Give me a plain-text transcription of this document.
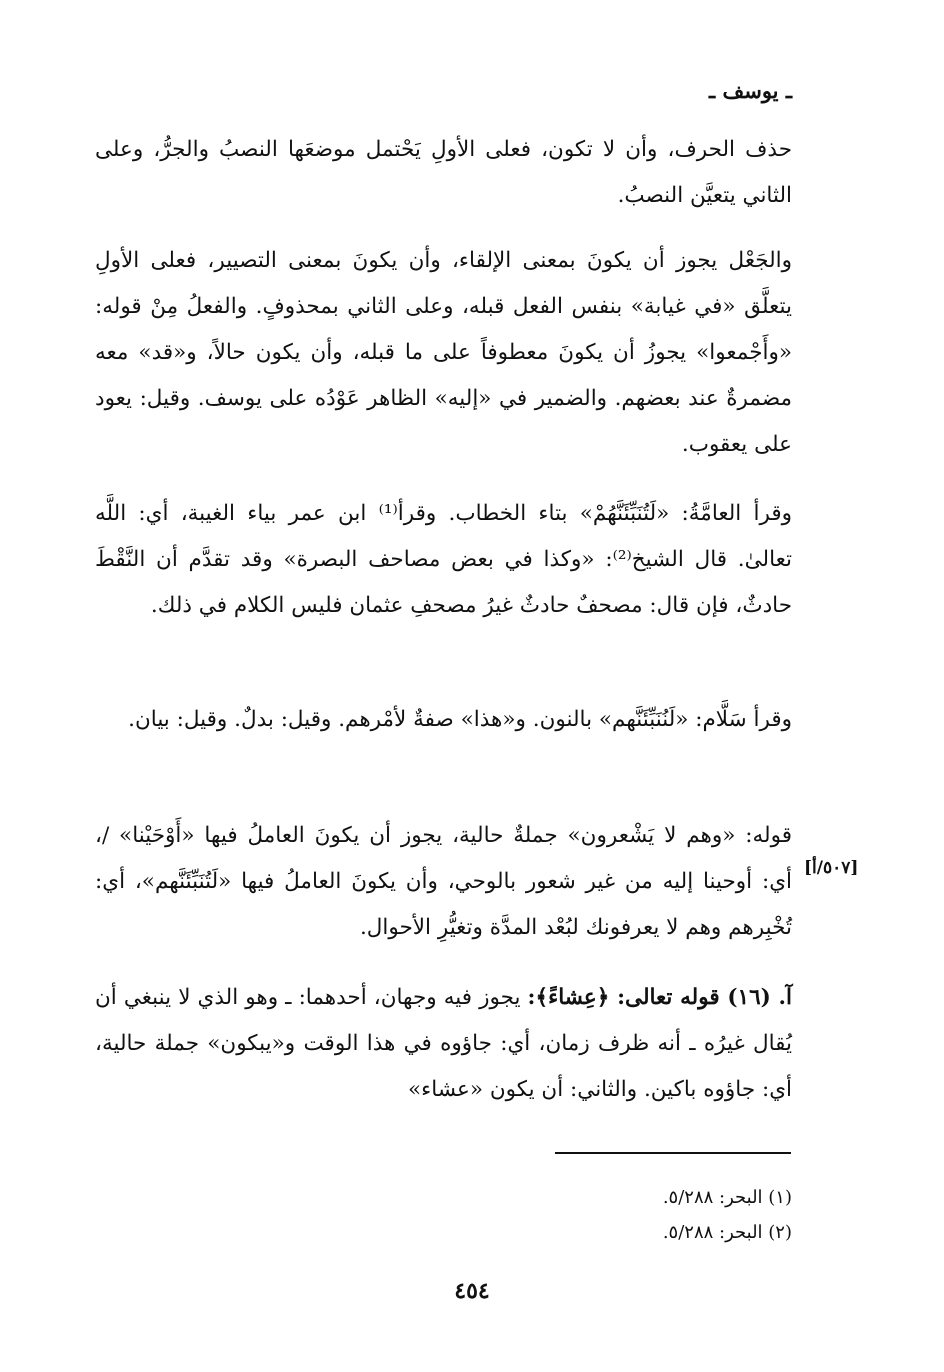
ـ يوسف ـ

حذف الحرف، وأن لا تكون، فعلى الأولِ يَحْتمل موضعَها النصبُ والجرُّ، وعلى الثاني يتعيَّن النصبُ.

والجَعْل يجوز أن يكونَ بمعنى الإلقاء، وأن يكونَ بمعنى التصيير، فعلى الأولِ يتعلَّق «في غيابة» بنفس الفعل قبله، وعلى الثاني بمحذوفٍ. والفعلُ مِنْ قوله: «وأَجْمعوا» يجوزُ أن يكونَ معطوفاً على ما قبله، وأن يكون حالاً، و«قد» معه مضمرةٌ عند بعضهم. والضمير في «إليه» الظاهر عَوْدُه على يوسف. وقيل: يعود على يعقوب.

وقرأ العامَّةُ: «لَتُنَبِّئَنَّهُمْ» بتاء الخطاب. وقرأ⁽¹⁾ ابن عمر بياء الغيبة، أي: اللَّه تعالىٰ. قال الشيخ⁽²⁾: «وكذا في بعض مصاحف البصرة» وقد تقدَّم أن النَّقْطَ حادثٌ، فإن قال: مصحفٌ حادثٌ غيرُ مصحفِ عثمان فليس الكلام في ذلك.

وقرأ سَلَّام: «لَنُنَبِّئَنَّهم» بالنون. و«هذا» صفةٌ لأمْرهم. وقيل: بدلٌ. وقيل: بيان.

قوله: «وهم لا يَشْعرون» جملةٌ حالية، يجوز أن يكونَ العاملُ فيها «أَوْحَيْنا» /، أي: أوحينا إليه من غير شعور بالوحي، وأن يكونَ العاملُ فيها «لَتُنَبِّئَنَّهم»، أي: تُخْبِرهم وهم لا يعرفونك لبُعْد المدَّة وتغيُّرِ الأحوال.

[٥٠٧/أ]

آ. (١٦) قوله تعالى: ﴿عِشاءً﴾: يجوز فيه وجهان، أحدهما: ـ وهو الذي لا ينبغي أن يُقال غيرُه ـ أنه ظرف زمان، أي: جاؤوه في هذا الوقت و«يبكون» جملة حالية، أي: جاؤوه باكين. والثاني: أن يكون «عشاء»

(١) البحر: ٥/٢٨٨.
(٢) البحر: ٥/٢٨٨.
٤٥٤
